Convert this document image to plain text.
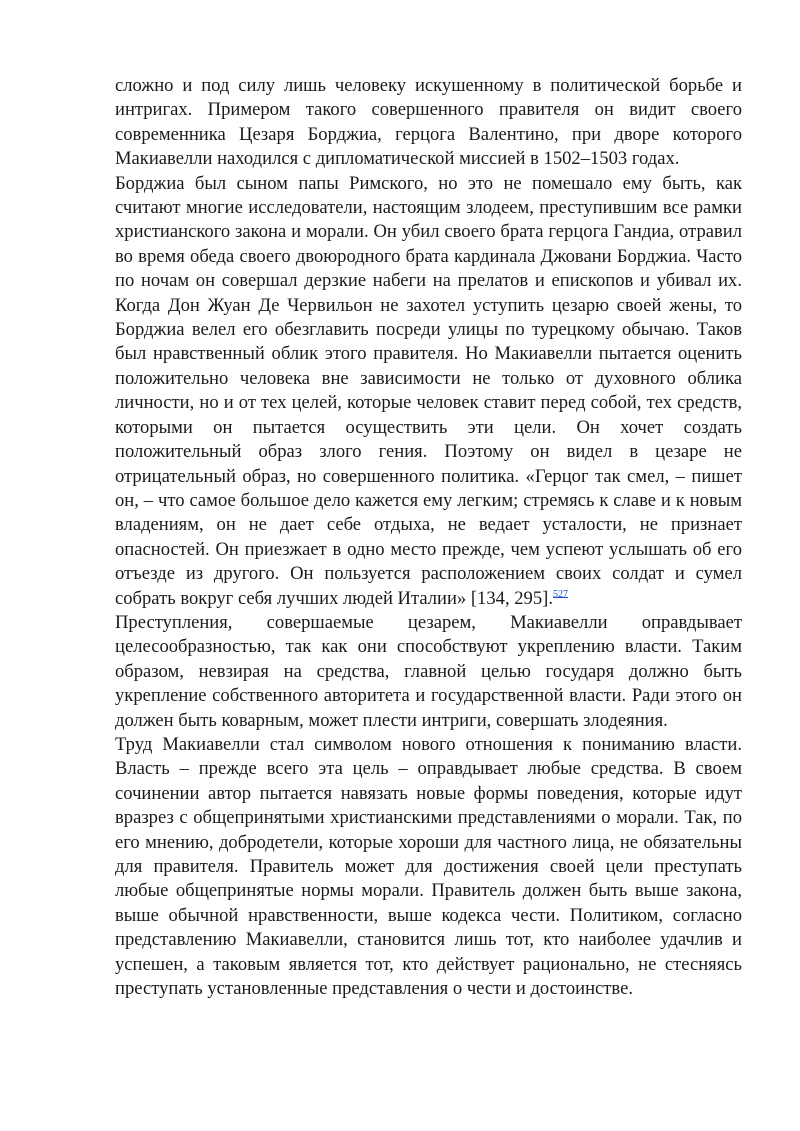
сложно и под силу лишь человеку искушенному в политической борьбе и интригах. Примером такого совершенного правителя он видит своего современника Цезаря Борджиа, герцога Валентино, при дворе которого Макиавелли находился с дипломатической миссией в 1502–1503 годах.

Борджиа был сыном папы Римского, но это не помешало ему быть, как считают многие исследователи, настоящим злодеем, преступившим все рамки христианского закона и морали. Он убил своего брата герцога Гандиа, отравил во время обеда своего двоюродного брата кардинала Джовани Борджиа. Часто по ночам он совершал дерзкие набеги на прелатов и епископов и убивал их. Когда Дон Жуан Де Червильон не захотел уступить цезарю своей жены, то Борджиа велел его обезглавить посреди улицы по турецкому обычаю. Таков был нравственный облик этого правителя. Но Макиавелли пытается оценить положительно человека вне зависимости не только от духовного облика личности, но и от тех целей, которые человек ставит перед собой, тех средств, которыми он пытается осуществить эти цели. Он хочет создать положительный образ злого гения. Поэтому он видел в цезаре не отрицательный образ, но совершенного политика. «Герцог так смел, – пишет он, – что самое большое дело кажется ему легким; стремясь к славе и к новым владениям, он не дает себе отдыха, не ведает усталости, не признает опасностей. Он приезжает в одно место прежде, чем успеют услышать об его отъезде из другого. Он пользуется расположением своих солдат и сумел собрать вокруг себя лучших людей Италии» [134, 295].$^{527}$

Преступления, совершаемые цезарем, Макиавелли оправдывает целесообразностью, так как они способствуют укреплению власти. Таким образом, невзирая на средства, главной целью государя должно быть укрепление собственного авторитета и государственной власти. Ради этого он должен быть коварным, может плести интриги, совершать злодеяния.

Труд Макиавелли стал символом нового отношения к пониманию власти. Власть – прежде всего эта цель – оправдывает любые средства. В своем сочинении автор пытается навязать новые формы поведения, которые идут вразрез с общепринятыми христианскими представлениями о морали. Так, по его мнению, добродетели, которые хороши для частного лица, не обязательны для правителя. Правитель может для достижения своей цели преступать любые общепринятые нормы морали. Правитель должен быть выше закона, выше обычной нравственности, выше кодекса чести. Политиком, согласно представлению Макиавелли, становится лишь тот, кто наиболее удачлив и успешен, а таковым является тот, кто действует рационально, не стесняясь преступать установленные представления о чести и достоинстве.
